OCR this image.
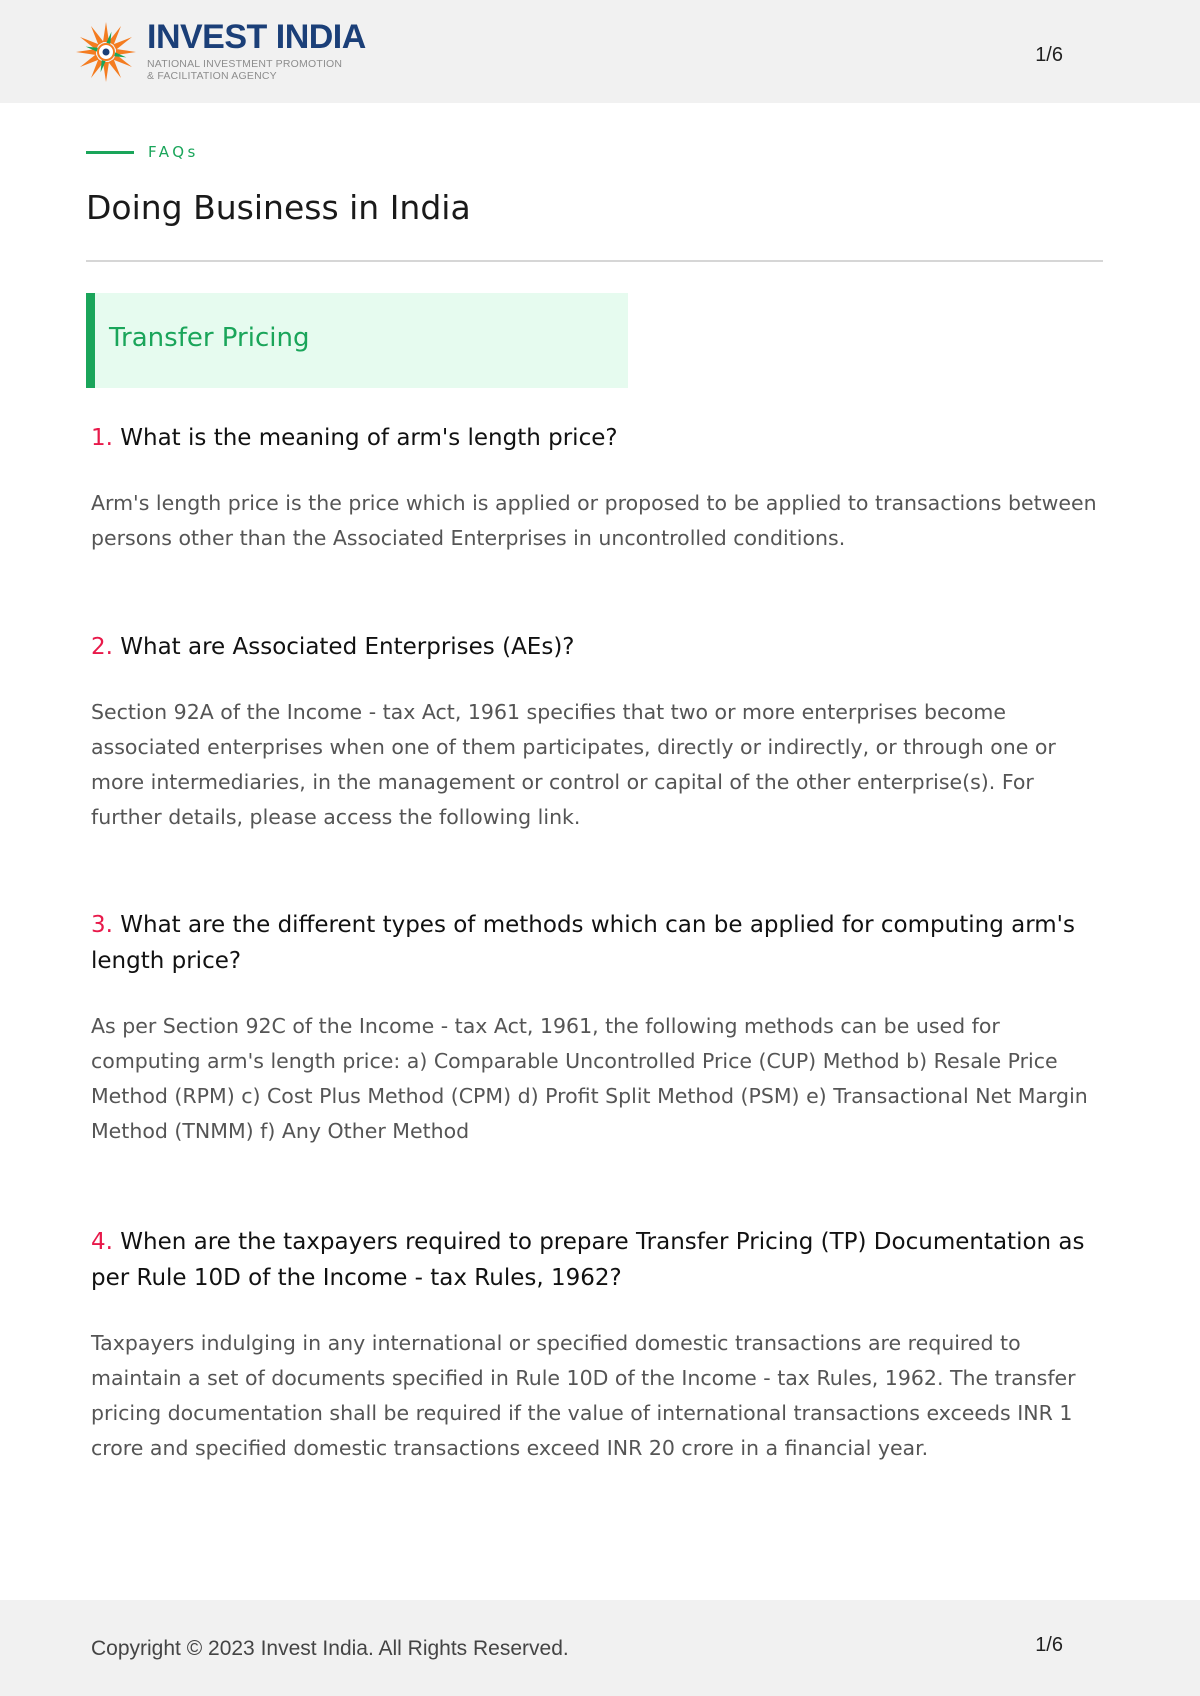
INVEST INDIA
NATIONAL INVESTMENT PROMOTION
& FACILITATION AGENCY
1/6
FAQs
Doing Business in India
Transfer Pricing

1. What is the meaning of arm's length price?

Arm's length price is the price which is applied or proposed to be applied to transactions between persons other than the Associated Enterprises in uncontrolled conditions.

2. What are Associated Enterprises (AEs)?

Section 92A of the Income - tax Act, 1961 specifies that two or more enterprises become associated enterprises when one of them participates, directly or indirectly, or through one or more intermediaries, in the management or control or capital of the other enterprise(s). For further details, please access the following link.

3. What are the different types of methods which can be applied for computing arm's length price?

As per Section 92C of the Income - tax Act, 1961, the following methods can be used for computing arm's length price: a) Comparable Uncontrolled Price (CUP) Method b) Resale Price Method (RPM) c) Cost Plus Method (CPM) d) Profit Split Method (PSM) e) Transactional Net Margin Method (TNMM) f) Any Other Method

4. When are the taxpayers required to prepare Transfer Pricing (TP) Documentation as per Rule 10D of the Income - tax Rules, 1962?

Taxpayers indulging in any international or specified domestic transactions are required to maintain a set of documents specified in Rule 10D of the Income - tax Rules, 1962. The transfer pricing documentation shall be required if the value of international transactions exceeds INR 1 crore and specified domestic transactions exceed INR 20 crore in a financial year.
Copyright © 2023 Invest India. All Rights Reserved.	1/6
